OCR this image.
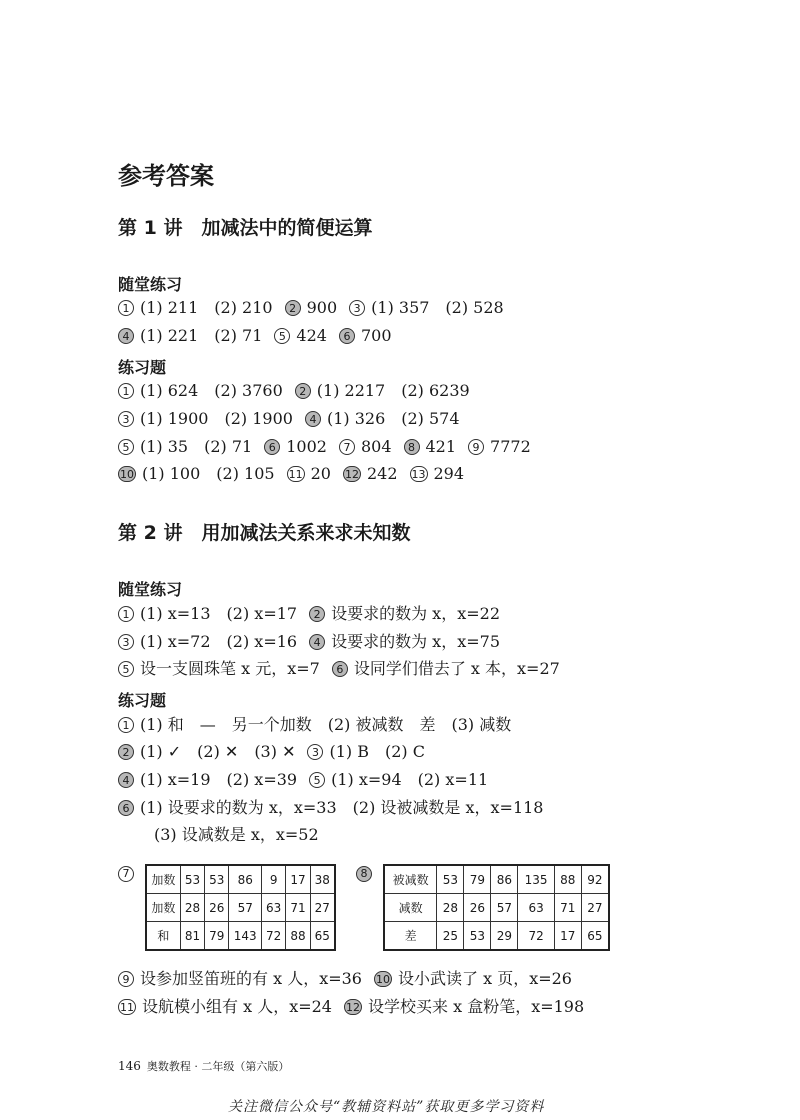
参考答案
第 1 讲　加减法中的简便运算
随堂练习
1 (1) 211　(2) 210	2 900	3 (1) 357　(2) 528
4 (1) 221　(2) 71	5 424	6 700
练习题
1 (1) 624　(2) 3760	2 (1) 2217　(2) 6239
3 (1) 1900　(2) 1900	4 (1) 326　(2) 574
5 (1) 35　(2) 71	6 1002	7 804	8 421	9 7772
10 (1) 100　(2) 105 11 20 12 242 13 294
第 2 讲　用加减法关系来求未知数
随堂练习
1 (1) x=13　(2) x=17	2 设要求的数为 x，x=22
3 (1) x=72　(2) x=16	4 设要求的数为 x，x=75
5 设一支圆珠笔 x 元，x=7	6 设同学们借去了 x 本，x=27
练习题
1 (1) 和　—　另一个加数　(2) 被减数　差　(3) 减数
2 (1) ✓　(2) ✕　(3) ✕	3 (1) B　(2) C
4 (1) x=19　(2) x=39	5 (1) x=94　(2) x=11
6 (1) 设要求的数为 x，x=33　(2) 设被减数是 x，x=118
(3) 设减数是 x，x=52
7	加数	53	53	86	9	17	38
加数	28	26	57	63	71	27
和	81	79	143	72	88	65
8	被减数	53	79	86	135	88	92
减数	28	26	57	63	71	27
差	25	53	29	72	17	65
9 设参加竖笛班的有 x 人，x=36 10 设小武读了 x 页，x=26
11 设航模小组有 x 人，x=24 12 设学校买来 x 盒粉笔，x=198
146 奥数教程 · 二年级（第六版）
关注微信公众号“教辅资料站”获取更多学习资料
